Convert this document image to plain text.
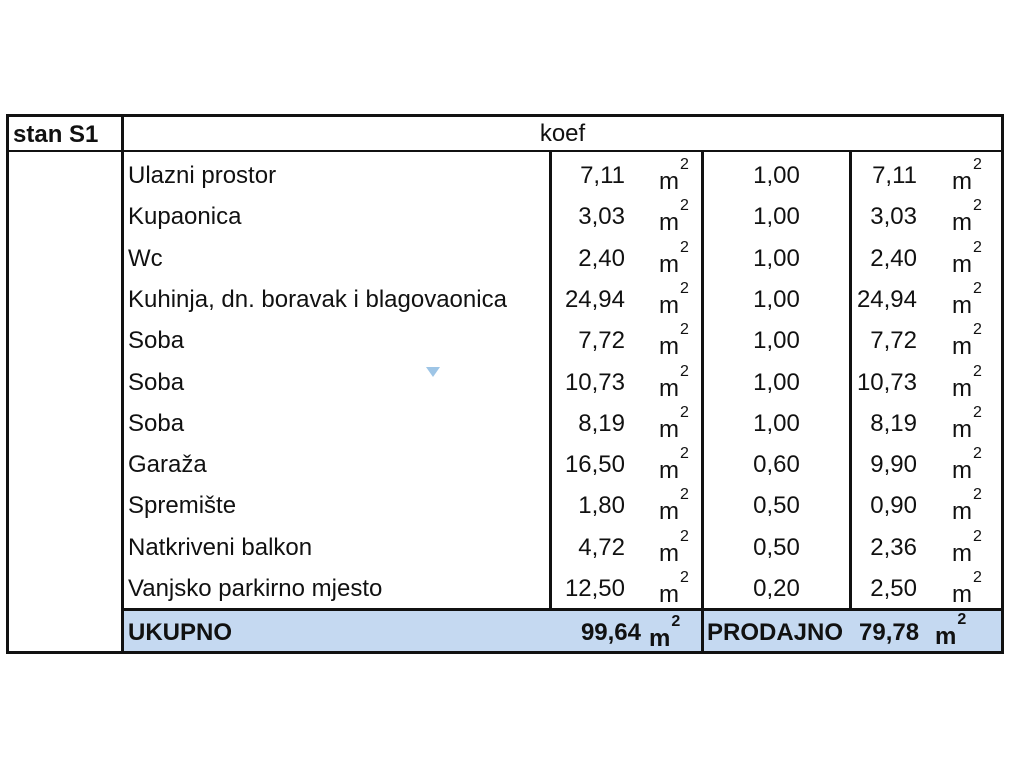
stan S1	koef
Ulazni prostor	7,11 $m^2$	1,00	7,11 $m^2$
Kupaonica	3,03 $m^2$	1,00	3,03 $m^2$
Wc	2,40 $m^2$	1,00	2,40 $m^2$
Kuhinja, dn. boravak i blagovaonica	24,94 $m^2$	1,00	24,94 $m^2$
Soba	7,72 $m^2$	1,00	7,72 $m^2$
Soba	10,73 $m^2$	1,00	10,73 $m^2$
Soba	8,19 $m^2$	1,00	8,19 $m^2$
Garaža	16,50 $m^2$	0,60	9,90 $m^2$
Spremište	1,80 $m^2$	0,50	0,90 $m^2$
Natkriveni balkon	4,72 $m^2$	0,50	2,36 $m^2$
Vanjsko parkirno mjesto	12,50 $m^2$	0,20	2,50 $m^2$
UKUPNO	99,64 $m^2$ PRODAJNO 79,78 $m^2$
